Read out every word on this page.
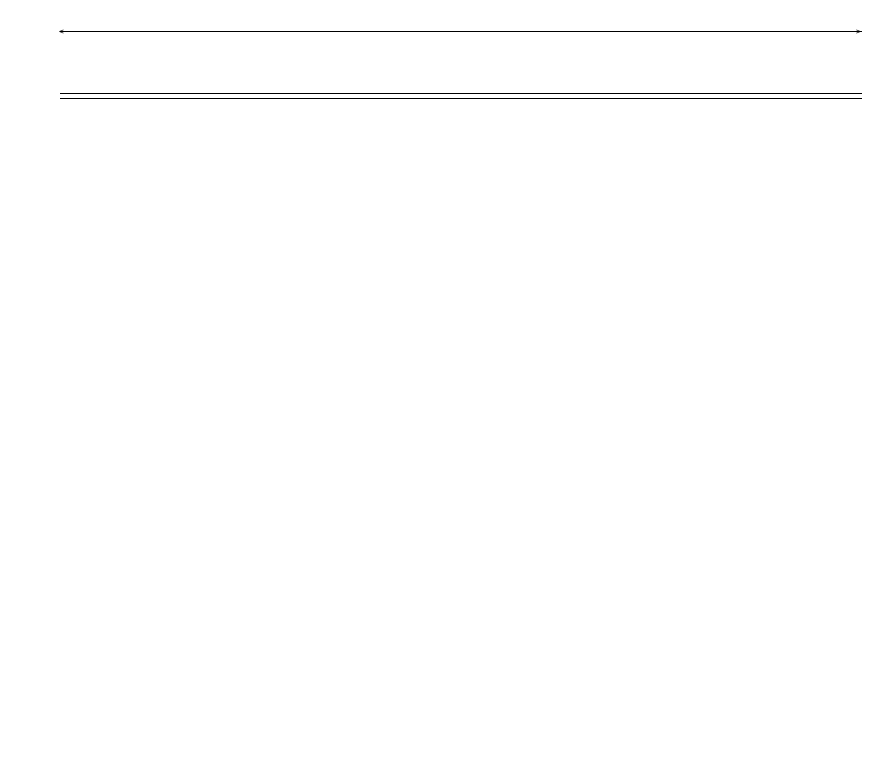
<	>
